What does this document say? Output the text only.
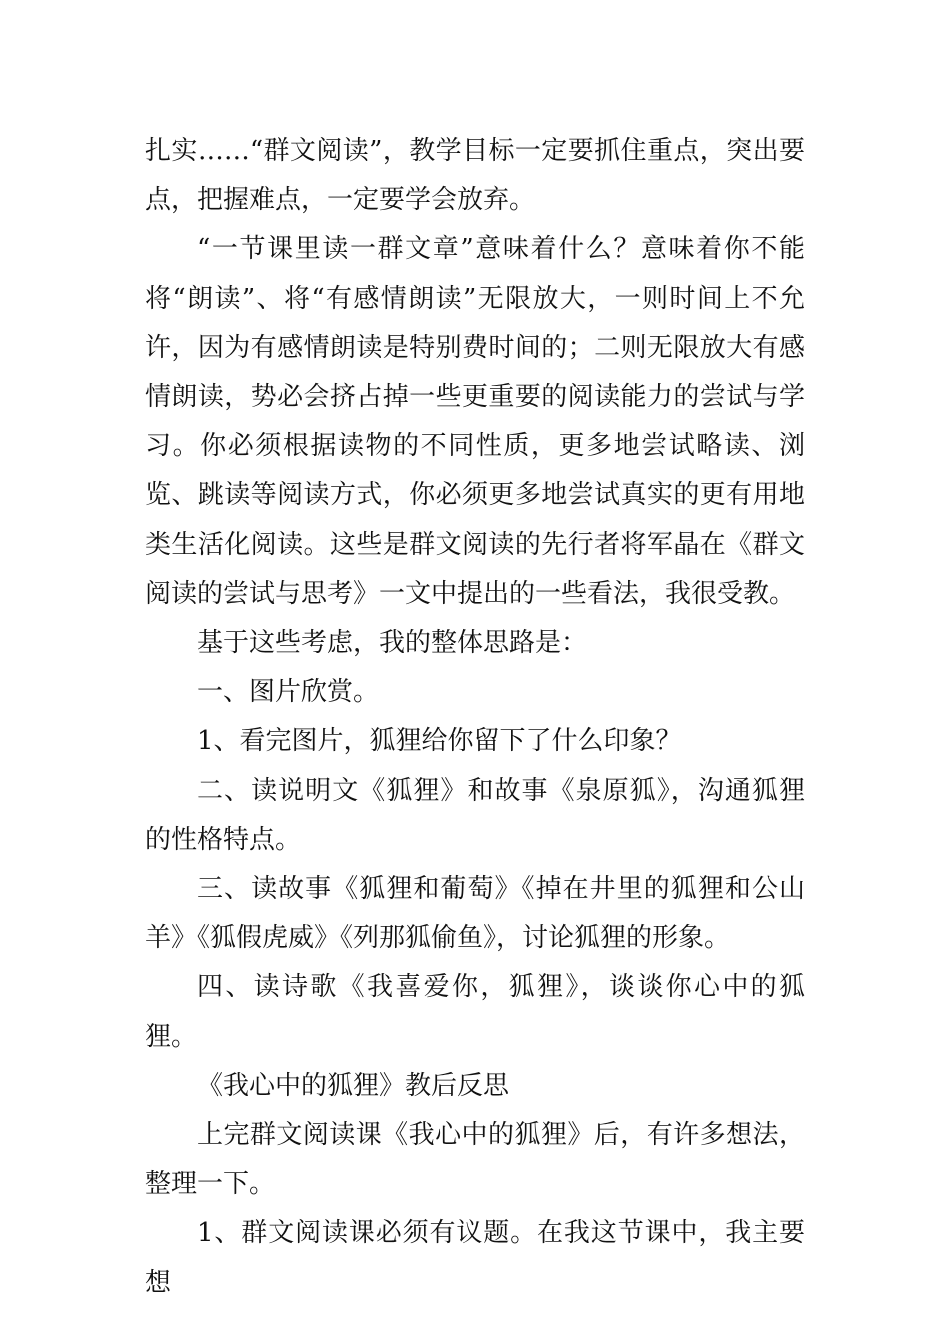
扎实……“群文阅读”，教学目标一定要抓住重点，突出要点，把握难点，一定要学会放弃。

“一节课里读一群文章”意味着什么？意味着你不能将“朗读”、将“有感情朗读”无限放大，一则时间上不允许，因为有感情朗读是特别费时间的；二则无限放大有感情朗读，势必会挤占掉一些更重要的阅读能力的尝试与学习。你必须根据读物的不同性质，更多地尝试略读、浏览、跳读等阅读方式，你必须更多地尝试真实的更有用地类生活化阅读。这些是群文阅读的先行者将军晶在《群文阅读的尝试与思考》一文中提出的一些看法，我很受教。

基于这些考虑，我的整体思路是：

一、图片欣赏。

1、看完图片，狐狸给你留下了什么印象？

二、读说明文《狐狸》和故事《泉原狐》，沟通狐狸的性格特点。

三、读故事《狐狸和葡萄》《掉在井里的狐狸和公山羊》《狐假虎威》《列那狐偷鱼》，讨论狐狸的形象。

四、读诗歌《我喜爱你，狐狸》，谈谈你心中的狐狸。

《我心中的狐狸》教后反思

上完群文阅读课《我心中的狐狸》后，有许多想法，整理一下。

1、群文阅读课必须有议题。在我这节课中，我主要想
